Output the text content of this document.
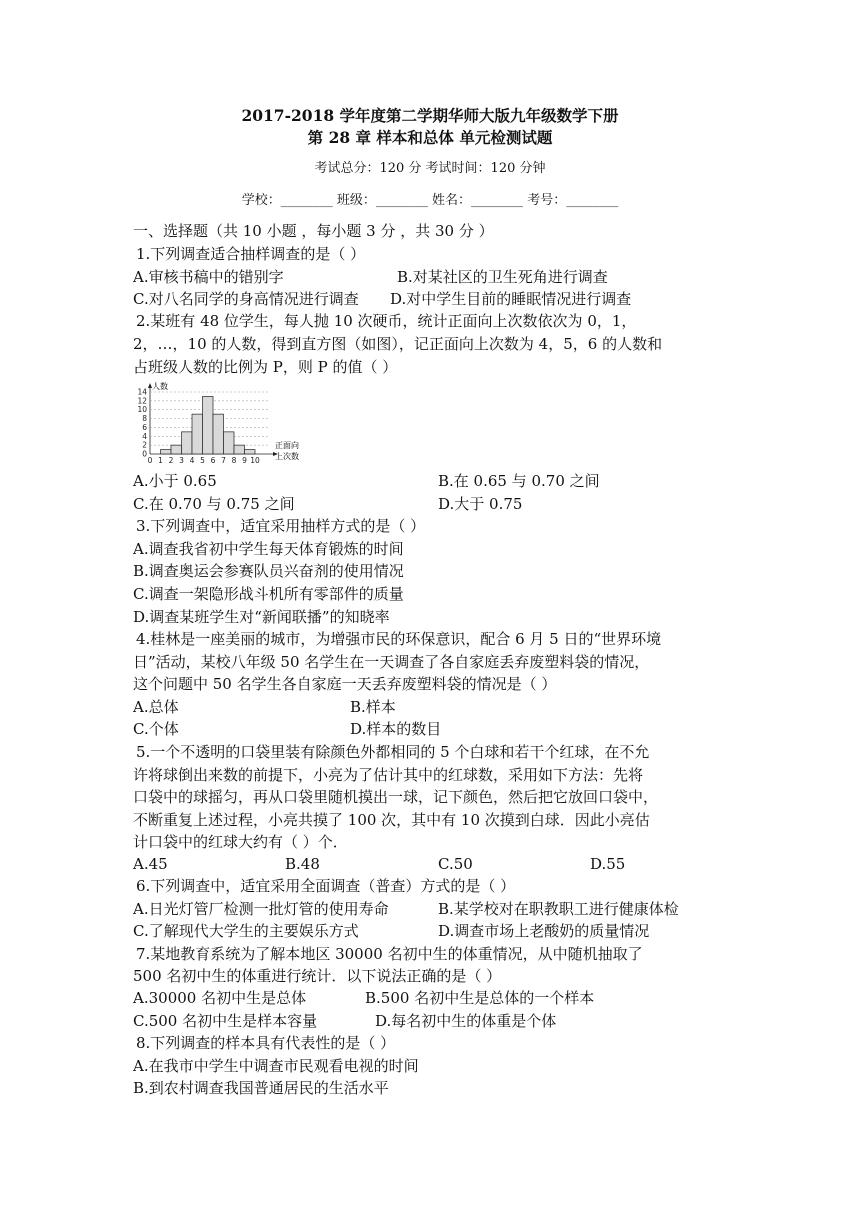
2017-2018 学年度第二学期华师大版九年级数学下册
第 28 章 样本和总体 单元检测试题
考试总分：120 分 考试时间：120 分钟
学校：________ 班级：________ 姓名：________ 考号：________
一、选择题（共 10 小题 ，每小题 3 分 ，共 30 分 ）
1.下列调查适合抽样调查的是（ ）
A.审核书稿中的错别字	B.对某社区的卫生死角进行调查
C.对八名同学的身高情况进行调查 D.对中学生目前的睡眠情况进行调查
2.某班有 48 位学生，每人抛 10 次硬币，统计正面向上次数依次为 0，1，
2，…，10 的人数，得到直方图（如图），记正面向上次数为 4，5，6 的人数和
占班级人数的比例为 P，则 P 的值（ ）
0
2
4
6
8
10
12
14
0 1 2 3 4 5 6 7 8 9 10
人数
正面向
上次数
A.小于 0.65	B.在 0.65 与 0.70 之间
C.在 0.70 与 0.75 之间	D.大于 0.75
3.下列调查中，适宜采用抽样方式的是（ ）
A.调查我省初中学生每天体育锻炼的时间
B.调查奥运会参赛队员兴奋剂的使用情况
C.调查一架隐形战斗机所有零部件的质量
D.调查某班学生对“新闻联播”的知晓率
4.桂林是一座美丽的城市，为增强市民的环保意识，配合 6 月 5 日的“世界环境
日”活动，某校八年级 50 名学生在一天调查了各自家庭丢弃废塑料袋的情况，
这个问题中 50 名学生各自家庭一天丢弃废塑料袋的情况是（ ）
A.总体	B.样本
C.个体	D.样本的数目
5.一个不透明的口袋里装有除颜色外都相同的 5 个白球和若干个红球，在不允
许将球倒出来数的前提下，小亮为了估计其中的红球数，采用如下方法：先将
口袋中的球摇匀，再从口袋里随机摸出一球，记下颜色，然后把它放回口袋中，
不断重复上述过程，小亮共摸了 100 次，其中有 10 次摸到白球．因此小亮估
计口袋中的红球大约有（ ）个．
A.45	B.48	C.50	D.55
6.下列调查中，适宜采用全面调查（普查）方式的是（ ）
A.日光灯管厂检测一批灯管的使用寿命	B.某学校对在职教职工进行健康体检
C.了解现代大学生的主要娱乐方式	D.调查市场上老酸奶的质量情况
7.某地教育系统为了解本地区 30000 名初中生的体重情况，从中随机抽取了
500 名初中生的体重进行统计．以下说法正确的是（ ）
A.30000 名初中生是总体	B.500 名初中生是总体的一个样本
C.500 名初中生是样本容量	D.每名初中生的体重是个体
8.下列调查的样本具有代表性的是（ ）
A.在我市中学生中调查市民观看电视的时间
B.到农村调查我国普通居民的生活水平
